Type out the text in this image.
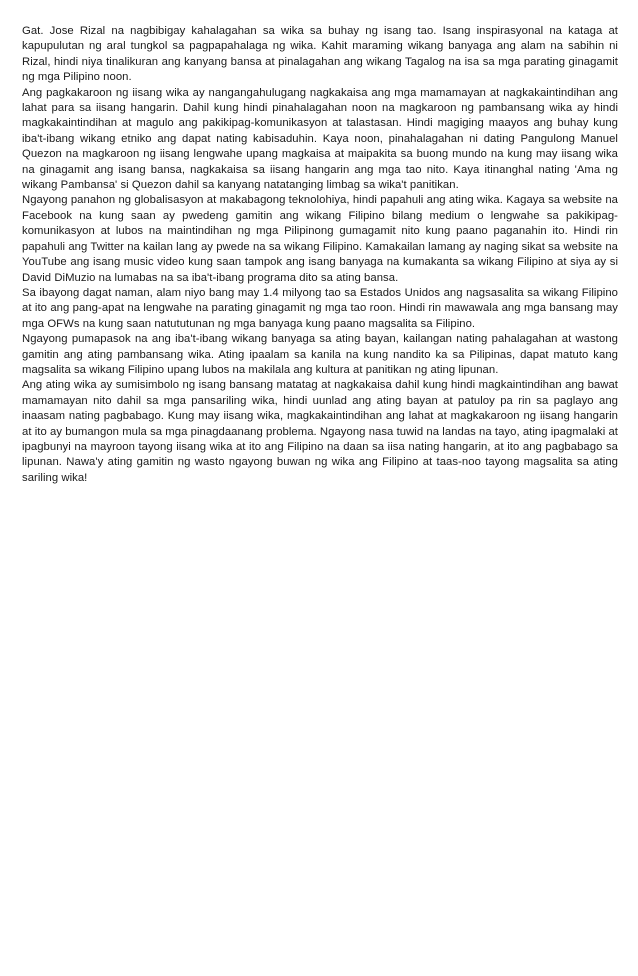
Gat. Jose Rizal na nagbibigay kahalagahan sa wika sa buhay ng isang tao. Isang inspirasyonal na kataga at kapupulutan ng aral tungkol sa pagpapahalaga ng wika. Kahit maraming wikang banyaga ang alam na sabihin ni Rizal, hindi niya tinalikuran ang kanyang bansa at pinalagahan ang wikang Tagalog na isa sa mga parating ginagamit ng mga Pilipino noon.

Ang pagkakaroon ng iisang wika ay nangangahulugang nagkakaisa ang mga mamamayan at nagkakaintindihan ang lahat para sa iisang hangarin. Dahil kung hindi pinahalagahan noon na magkaroon ng pambansang wika ay hindi magkakaintindihan at magulo ang pakikipag-komunikasyon at talastasan. Hindi magiging maayos ang buhay kung iba't-ibang wikang etniko ang dapat nating kabisaduhin. Kaya noon, pinahalagahan ni dating Pangulong Manuel Quezon na magkaroon ng iisang lengwahe upang magkaisa at maipakita sa buong mundo na kung may iisang wika na ginagamit ang isang bansa, nagkakaisa sa iisang hangarin ang mga tao nito. Kaya itinanghal nating 'Ama ng wikang Pambansa' si Quezon dahil sa kanyang natatanging limbag sa wika't panitikan.

Ngayong panahon ng globalisasyon at makabagong teknolohiya, hindi papahuli ang ating wika. Kagaya sa website na Facebook na kung saan ay pwedeng gamitin ang wikang Filipino bilang medium o lengwahe sa pakikipag-komunikasyon at lubos na maintindihan ng mga Pilipinong gumagamit nito kung paano paganahin ito. Hindi rin papahuli ang Twitter na kailan lang ay pwede na sa wikang Filipino. Kamakailan lamang ay naging sikat sa website na YouTube ang isang music video kung saan tampok ang isang banyaga na kumakanta sa wikang Filipino at siya ay si David DiMuzio na lumabas na sa iba't-ibang programa dito sa ating bansa.

Sa ibayong dagat naman, alam niyo bang may 1.4 milyong tao sa Estados Unidos ang nagsasalita sa wikang Filipino at ito ang pang-apat na lengwahe na parating ginagamit ng mga tao roon. Hindi rin mawawala ang mga bansang may mga OFWs na kung saan natututunan ng mga banyaga kung paano magsalita sa Filipino.

Ngayong pumapasok na ang iba't-ibang wikang banyaga sa ating bayan, kailangan nating pahalagahan at wastong gamitin ang ating pambansang wika. Ating ipaalam sa kanila na kung nandito ka sa Pilipinas, dapat matuto kang magsalita sa wikang Filipino upang lubos na makilala ang kultura at panitikan ng ating lipunan.

Ang ating wika ay sumisimbolo ng isang bansang matatag at nagkakaisa dahil kung hindi magkaintindihan ang bawat mamamayan nito dahil sa mga pansariling wika, hindi uunlad ang ating bayan at patuloy pa rin sa paglayo ang inaasam nating pagbabago. Kung may iisang wika, magkakaintindihan ang lahat at magkakaroon ng iisang hangarin at ito ay bumangon mula sa mga pinagdaanang problema. Ngayong nasa tuwid na landas na tayo, ating ipagmalaki at ipagbunyi na mayroon tayong iisang wika at ito ang Filipino na daan sa iisa nating hangarin, at ito ang pagbabago sa lipunan. Nawa'y ating gamitin ng wasto ngayong buwan ng wika ang Filipino at taas-noo tayong magsalita sa ating sariling wika!
